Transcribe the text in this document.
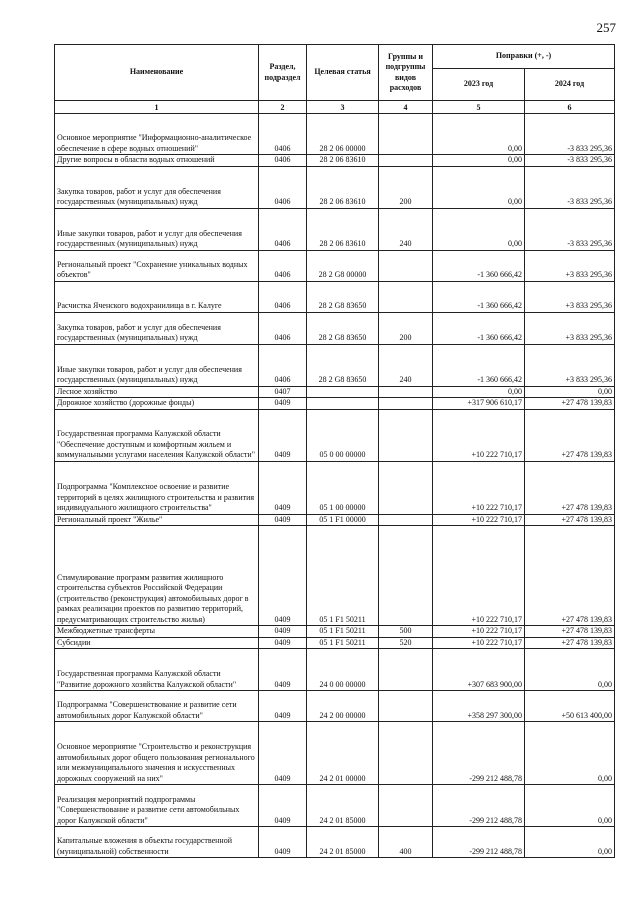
257
Наименование	Раздел, подраздел	Целевая статья	Группы и подгруппы видов расходов	Поправки (+, -)	
				2023 год	2024 год
1	2	3	4	5	6
Основное мероприятие "Информационно-аналитическое обеспечение в сфере водных отношений"	0406	28 2 06 00000		0,00	-3 833 295,36
Другие вопросы в области водных отношений	0406	28 2 06 83610		0,00	-3 833 295,36
Закупка товаров, работ и услуг для обеспечения государственных (муниципальных) нужд	0406	28 2 06 83610	200	0,00	-3 833 295,36
Иные закупки товаров, работ и услуг для обеспечения государственных (муниципальных) нужд	0406	28 2 06 83610	240	0,00	-3 833 295,36
Региональный проект "Сохранение уникальных водных объектов"	0406	28 2 G8 00000		-1 360 666,42	+3 833 295,36
Расчистка Яченского водохранилища в г. Калуге	0406	28 2 G8 83650		-1 360 666,42	+3 833 295,36
Закупка товаров, работ и услуг для обеспечения государственных (муниципальных) нужд	0406	28 2 G8 83650	200	-1 360 666,42	+3 833 295,36
Иные закупки товаров, работ и услуг для обеспечения государственных (муниципальных) нужд	0406	28 2 G8 83650	240	-1 360 666,42	+3 833 295,36
Лесное хозяйство	0407			0,00	0,00
Дорожное хозяйство (дорожные фонды)	0409			+317 906 610,17	+27 478 139,83
Государственная программа Калужской области "Обеспечение доступным и комфортным жильем и коммунальными услугами населения Калужской области"	0409	05 0 00 00000		+10 222 710,17	+27 478 139,83
Подпрограмма "Комплексное освоение и развитие территорий в целях жилищного строительства и развития индивидуального жилищного строительства"	0409	05 1 00 00000		+10 222 710,17	+27 478 139,83
Региональный проект "Жилье"	0409	05 1 F1 00000		+10 222 710,17	+27 478 139,83
Стимулирование программ развития жилищного строительства субъектов Российской Федерации (строительство (реконструкция) автомобильных дорог в рамках реализации проектов по развитию территорий, предусматривающих строительство жилья)	0409	05 1 F1 50211		+10 222 710,17	+27 478 139,83
Межбюджетные трансферты	0409	05 1 F1 50211	500	+10 222 710,17	+27 478 139,83
Субсидии	0409	05 1 F1 50211	520	+10 222 710,17	+27 478 139,83
Государственная программа Калужской области "Развитие дорожного хозяйства Калужской области"	0409	24 0 00 00000		+307 683 900,00	0,00
Подпрограмма "Совершенствование и развитие сети автомобильных дорог Калужской области"	0409	24 2 00 00000		+358 297 300,00	+50 613 400,00
Основное мероприятие "Строительство и реконструкция автомобильных дорог общего пользования регионального или межмуниципального значения и искусственных дорожных сооружений на них"	0409	24 2 01 00000		-299 212 488,78	0,00
Реализация мероприятий подпрограммы "Совершенствование и развитие сети автомобильных дорог Калужской области"	0409	24 2 01 85000		-299 212 488,78	0,00
Капитальные вложения в объекты государственной (муниципальной) собственности	0409	24 2 01 85000	400	-299 212 488,78	0,00
